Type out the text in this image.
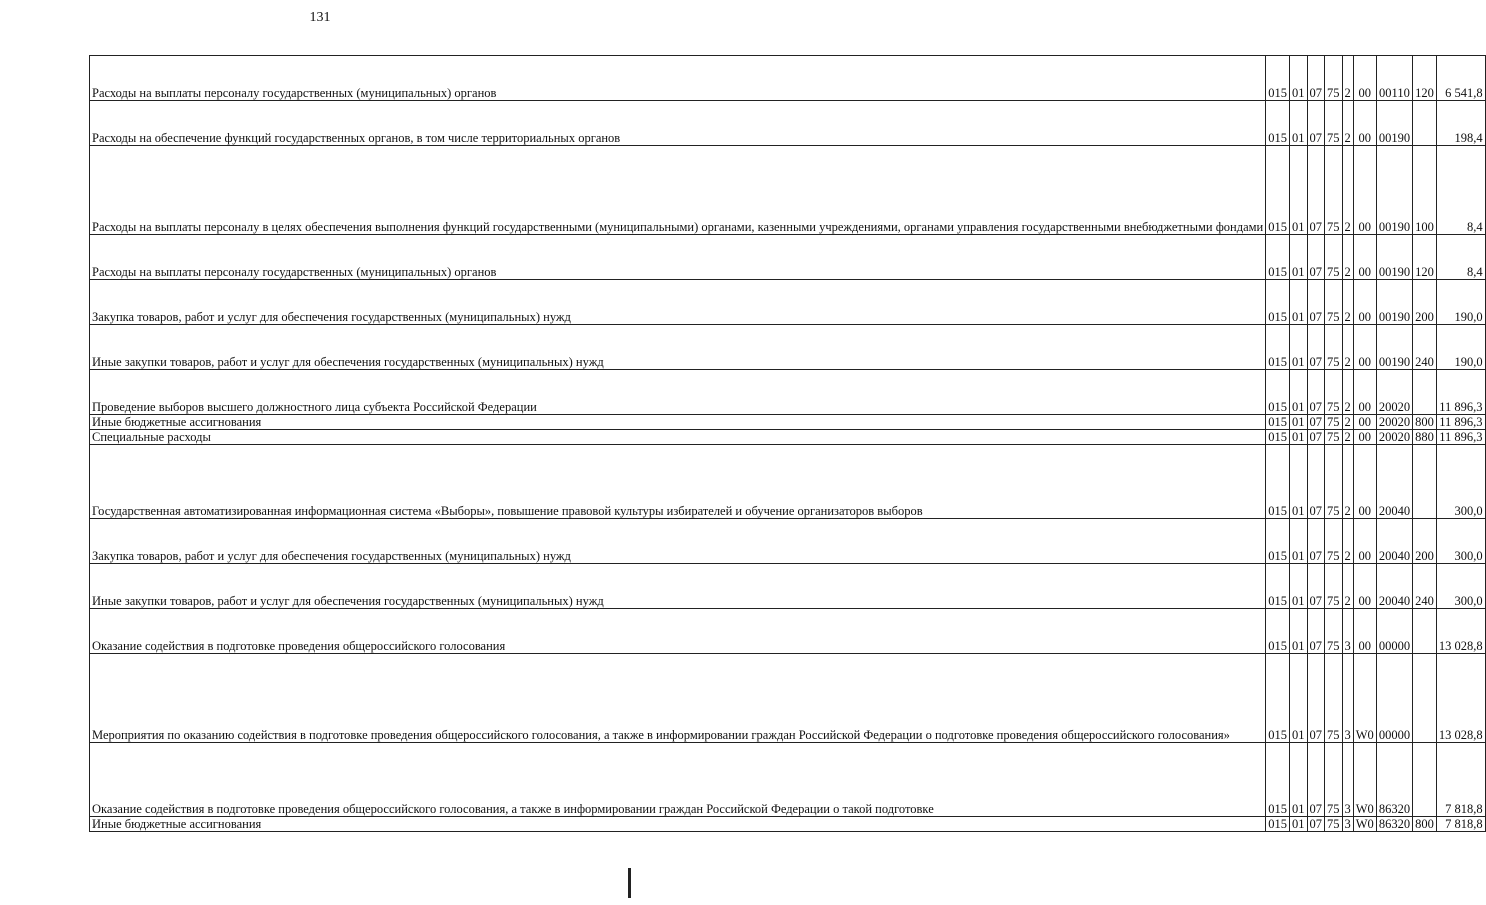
131
Расходы на выплаты персоналу государственных (муниципальных) органов	015	01	07	75	2	00	00110	120	6 541,8
Расходы на обеспечение функций государственных органов, в том числе территориальных органов	015	01	07	75	2	00	00190		198,4
Расходы на выплаты персоналу в целях обеспечения выполнения функций государственными (муниципальными) органами, казенными учреждениями, органами управления государственными внебюджетными фондами	015	01	07	75	2	00	00190	100	8,4
Расходы на выплаты персоналу государственных (муниципальных) органов	015	01	07	75	2	00	00190	120	8,4
Закупка товаров, работ и услуг для обеспечения государственных (муниципальных) нужд	015	01	07	75	2	00	00190	200	190,0
Иные закупки товаров, работ и услуг для обеспечения государственных (муниципальных) нужд	015	01	07	75	2	00	00190	240	190,0
Проведение выборов высшего должностного лица субъекта Российской Федерации	015	01	07	75	2	00	20020		11 896,3
Иные бюджетные ассигнования	015	01	07	75	2	00	20020	800	11 896,3
Специальные расходы	015	01	07	75	2	00	20020	880	11 896,3
Государственная автоматизированная информационная система «Выборы», повышение правовой культуры избирателей и обучение организаторов выборов	015	01	07	75	2	00	20040		300,0
Закупка товаров, работ и услуг для обеспечения государственных (муниципальных) нужд	015	01	07	75	2	00	20040	200	300,0
Иные закупки товаров, работ и услуг для обеспечения государственных (муниципальных) нужд	015	01	07	75	2	00	20040	240	300,0
Оказание содействия в подготовке проведения общероссийского голосования	015	01	07	75	3	00	00000		13 028,8
Мероприятия по оказанию содействия в подготовке проведения общероссийского голосования, а также в информировании граждан Российской Федерации о подготовке проведения общероссийского голосования»	015	01	07	75	3	W0	00000		13 028,8
Оказание содействия в подготовке проведения общероссийского голосования, а также в информировании граждан Российской Федерации о такой подготовке	015	01	07	75	3	W0	86320		7 818,8
Иные бюджетные ассигнования	015	01	07	75	3	W0	86320	800	7 818,8
